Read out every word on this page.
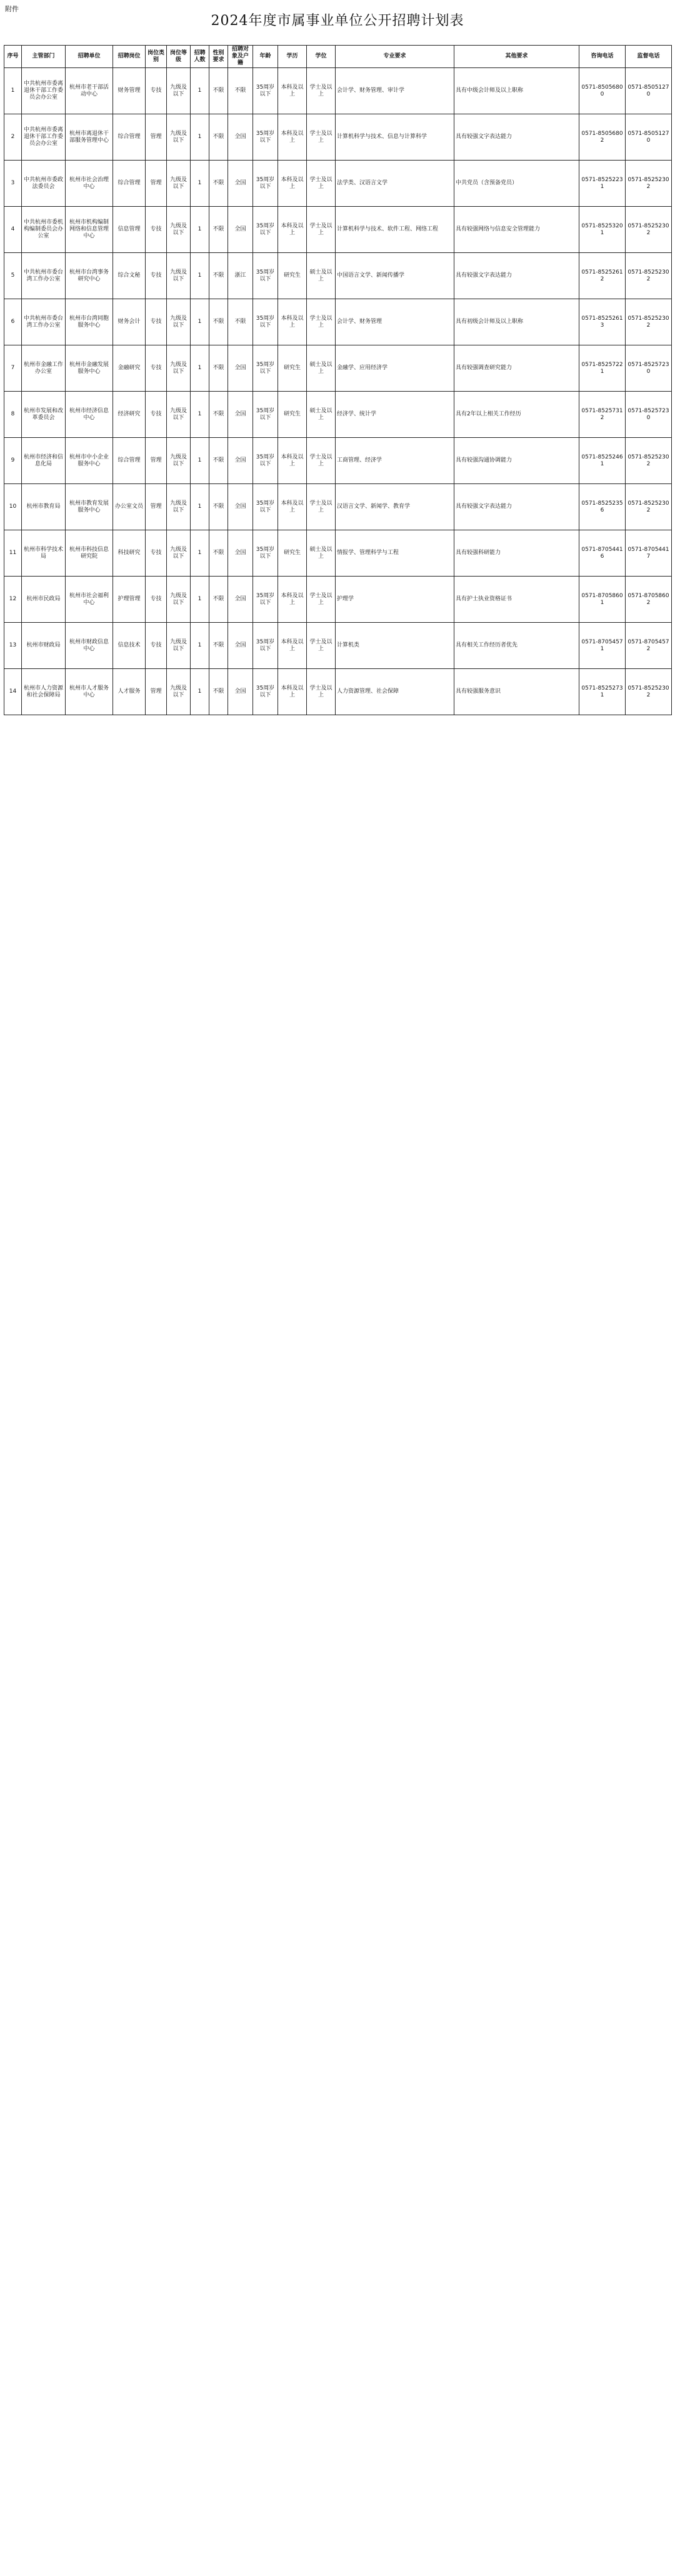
附件
2024年度市属事业单位公开招聘计划表
序号	主管部门	招聘单位	招聘岗位	岗位类别	岗位等级	招聘人数	性别要求	招聘对象及户籍	年龄	学历	学位	专业要求	其他要求	咨询电话	监督电话
1	中共杭州市委离退休干部工作委员会办公室	杭州市老干部活动中心	财务管理	专技	九级及以下	1	不限	不限	35周岁以下	本科及以上	学士及以上	会计学、财务管理、审计学	具有中级会计师及以上职称	0571-85056800	0571-85051270
2	中共杭州市委离退休干部工作委员会办公室	杭州市离退休干部服务管理中心	综合管理	管理	九级及以下	1	不限	全国	35周岁以下	本科及以上	学士及以上	计算机科学与技术、信息与计算科学	具有较强文字表达能力	0571-85056802	0571-85051270
3	中共杭州市委政法委员会	杭州市社会治理中心	综合管理	管理	九级及以下	1	不限	全国	35周岁以下	本科及以上	学士及以上	法学类、汉语言文学	中共党员（含预备党员）	0571-85252231	0571-85252302
4	中共杭州市委机构编制委员会办公室	杭州市机构编制网络和信息管理中心	信息管理	专技	九级及以下	1	不限	全国	35周岁以下	本科及以上	学士及以上	计算机科学与技术、软件工程、网络工程	具有较强网络与信息安全管理能力	0571-85253201	0571-85252302
5	中共杭州市委台湾工作办公室	杭州市台湾事务研究中心	综合文秘	专技	九级及以下	1	不限	浙江	35周岁以下	研究生	硕士及以上	中国语言文学、新闻传播学	具有较强文字表达能力	0571-85252612	0571-85252302
6	中共杭州市委台湾工作办公室	杭州市台湾同胞服务中心	财务会计	专技	九级及以下	1	不限	不限	35周岁以下	本科及以上	学士及以上	会计学、财务管理	具有初级会计师及以上职称	0571-85252613	0571-85252302
7	杭州市金融工作办公室	杭州市金融发展服务中心	金融研究	专技	九级及以下	1	不限	全国	35周岁以下	研究生	硕士及以上	金融学、应用经济学	具有较强调查研究能力	0571-85257221	0571-85257230
8	杭州市发展和改革委员会	杭州市经济信息中心	经济研究	专技	九级及以下	1	不限	全国	35周岁以下	研究生	硕士及以上	经济学、统计学	具有2年以上相关工作经历	0571-85257312	0571-85257230
9	杭州市经济和信息化局	杭州市中小企业服务中心	综合管理	管理	九级及以下	1	不限	全国	35周岁以下	本科及以上	学士及以上	工商管理、经济学	具有较强沟通协调能力	0571-85252461	0571-85252302
10	杭州市教育局	杭州市教育发展服务中心	办公室文员	管理	九级及以下	1	不限	全国	35周岁以下	本科及以上	学士及以上	汉语言文学、新闻学、教育学	具有较强文字表达能力	0571-85252356	0571-85252302
11	杭州市科学技术局	杭州市科技信息研究院	科技研究	专技	九级及以下	1	不限	全国	35周岁以下	研究生	硕士及以上	情报学、管理科学与工程	具有较强科研能力	0571-87054416	0571-87054417
12	杭州市民政局	杭州市社会福利中心	护理管理	专技	九级及以下	1	不限	全国	35周岁以下	本科及以上	学士及以上	护理学	具有护士执业资格证书	0571-87058601	0571-87058602
13	杭州市财政局	杭州市财政信息中心	信息技术	专技	九级及以下	1	不限	全国	35周岁以下	本科及以上	学士及以上	计算机类	具有相关工作经历者优先	0571-87054571	0571-87054572
14	杭州市人力资源和社会保障局	杭州市人才服务中心	人才服务	管理	九级及以下	1	不限	全国	35周岁以下	本科及以上	学士及以上	人力资源管理、社会保障	具有较强服务意识	0571-85252731	0571-85252302
